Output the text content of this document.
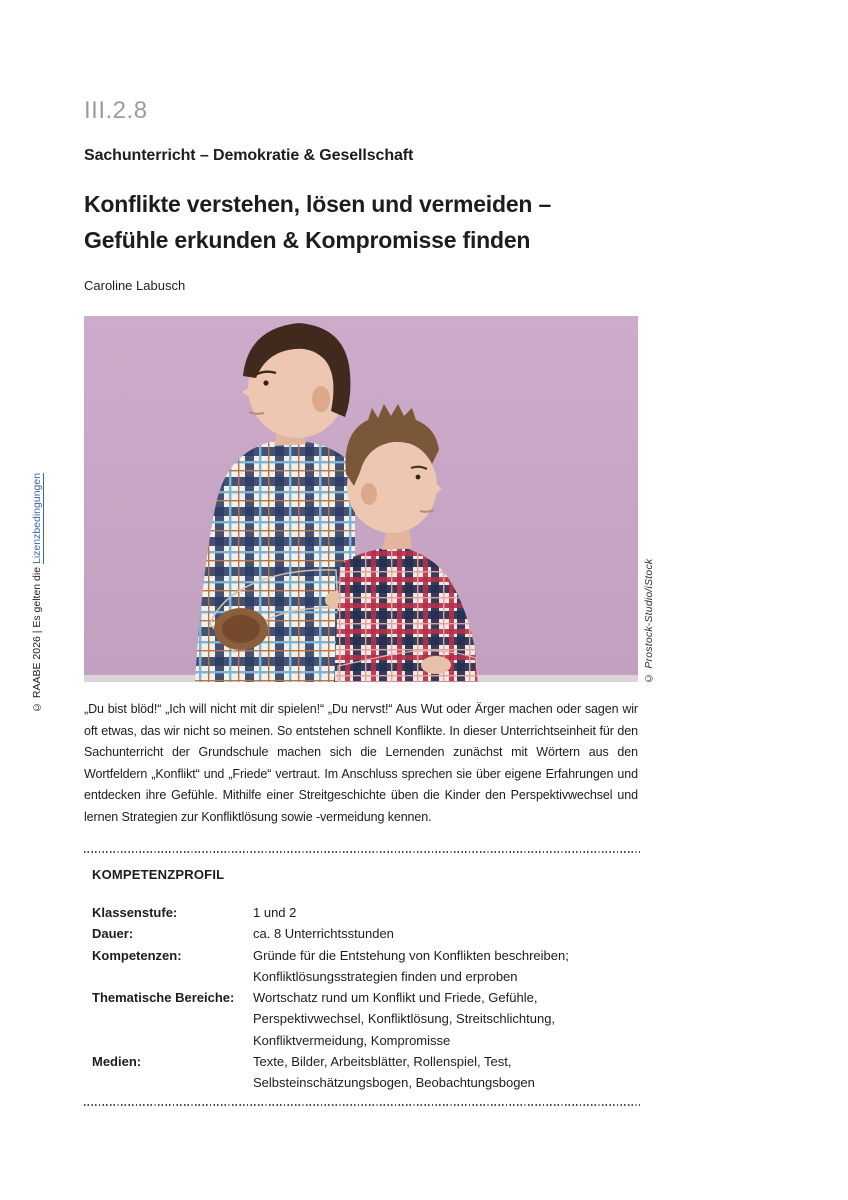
III.2.8
Sachunterricht – Demokratie & Gesellschaft
Konflikte verstehen, lösen und vermeiden –
Gefühle erkunden & Kompromisse finden
Caroline Labusch
© RAABE 2026 | Es gelten die Lizenzbedingungen
© Prostock-Studio/iStock

„Du bist blöd!“ „Ich will nicht mit dir spielen!“ „Du nervst!“ Aus Wut oder Ärger machen oder sagen wir oft etwas, das wir nicht so meinen. So entstehen schnell Konflikte. In dieser Unterrichtseinheit für den Sachunterricht der Grundschule machen sich die Lernenden zunächst mit Wörtern aus den Wortfeldern „Konflikt“ und „Friede“ vertraut. Im Anschluss sprechen sie über eigene Erfahrungen und entdecken ihre Gefühle. Mithilfe einer Streitgeschichte üben die Kinder den Perspektivwechsel und lernen Strategien zur Konfliktlösung sowie -vermeidung kennen.

KOMPETENZPROFIL
Klassenstufe:	1 und 2
Dauer:	ca. 8 Unterrichtsstunden
Kompetenzen:	Gründe für die Entstehung von Konflikten beschreiben; Konfliktlösungsstrategien finden und erproben
Thematische Bereiche:	Wortschatz rund um Konflikt und Friede, Gefühle, Perspektivwechsel, Konfliktlösung, Streitschlichtung, Konfliktvermeidung, Kompromisse
Medien:	Texte, Bilder, Arbeitsblätter, Rollenspiel, Test, Selbsteinschätzungsbogen, Beobachtungsbogen
